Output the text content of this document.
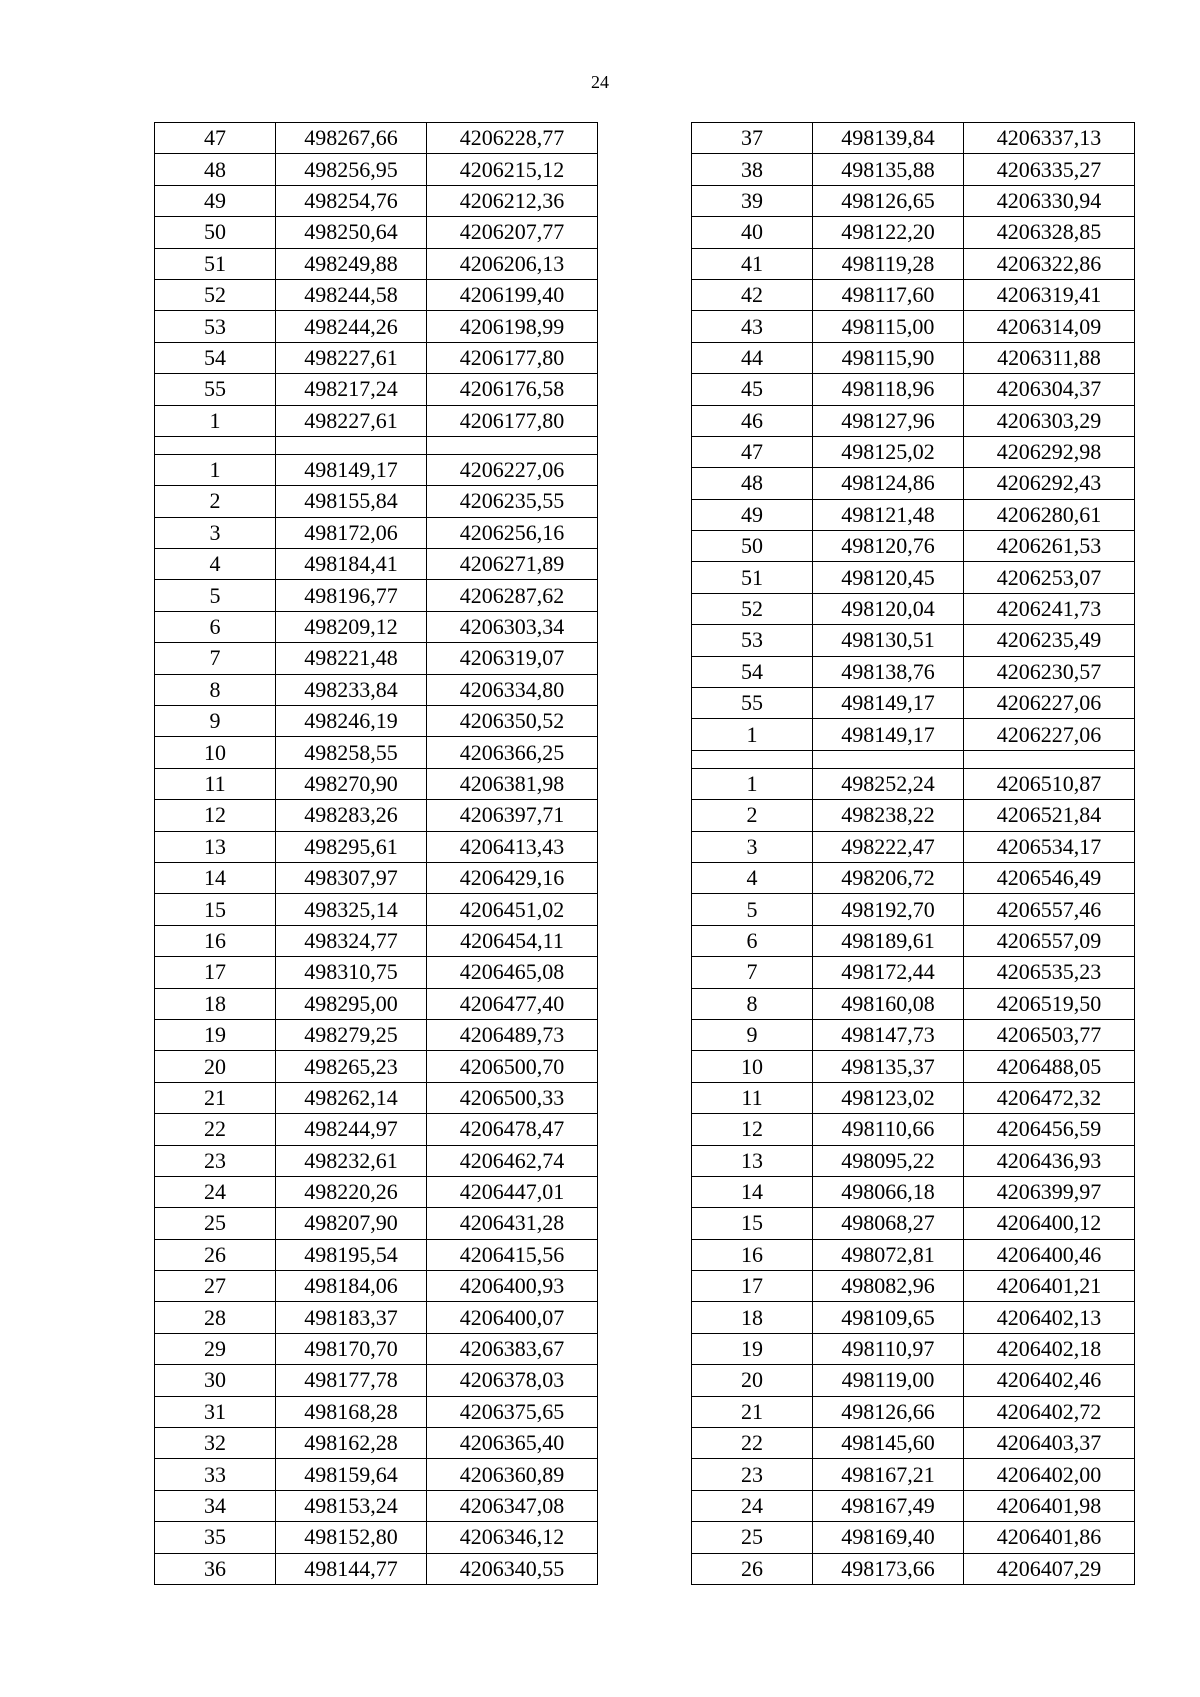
24
47	498267,66	4206228,77
48	498256,95	4206215,12
49	498254,76	4206212,36
50	498250,64	4206207,77
51	498249,88	4206206,13
52	498244,58	4206199,40
53	498244,26	4206198,99
54	498227,61	4206177,80
55	498217,24	4206176,58
1	498227,61	4206177,80

1	498149,17	4206227,06
2	498155,84	4206235,55
3	498172,06	4206256,16
4	498184,41	4206271,89
5	498196,77	4206287,62
6	498209,12	4206303,34
7	498221,48	4206319,07
8	498233,84	4206334,80
9	498246,19	4206350,52
10	498258,55	4206366,25
11	498270,90	4206381,98
12	498283,26	4206397,71
13	498295,61	4206413,43
14	498307,97	4206429,16
15	498325,14	4206451,02
16	498324,77	4206454,11
17	498310,75	4206465,08
18	498295,00	4206477,40
19	498279,25	4206489,73
20	498265,23	4206500,70
21	498262,14	4206500,33
22	498244,97	4206478,47
23	498232,61	4206462,74
24	498220,26	4206447,01
25	498207,90	4206431,28
26	498195,54	4206415,56
27	498184,06	4206400,93
28	498183,37	4206400,07
29	498170,70	4206383,67
30	498177,78	4206378,03
31	498168,28	4206375,65
32	498162,28	4206365,40
33	498159,64	4206360,89
34	498153,24	4206347,08
35	498152,80	4206346,12
36	498144,77	4206340,55
37	498139,84	4206337,13
38	498135,88	4206335,27
39	498126,65	4206330,94
40	498122,20	4206328,85
41	498119,28	4206322,86
42	498117,60	4206319,41
43	498115,00	4206314,09
44	498115,90	4206311,88
45	498118,96	4206304,37
46	498127,96	4206303,29
47	498125,02	4206292,98
48	498124,86	4206292,43
49	498121,48	4206280,61
50	498120,76	4206261,53
51	498120,45	4206253,07
52	498120,04	4206241,73
53	498130,51	4206235,49
54	498138,76	4206230,57
55	498149,17	4206227,06
1	498149,17	4206227,06

1	498252,24	4206510,87
2	498238,22	4206521,84
3	498222,47	4206534,17
4	498206,72	4206546,49
5	498192,70	4206557,46
6	498189,61	4206557,09
7	498172,44	4206535,23
8	498160,08	4206519,50
9	498147,73	4206503,77
10	498135,37	4206488,05
11	498123,02	4206472,32
12	498110,66	4206456,59
13	498095,22	4206436,93
14	498066,18	4206399,97
15	498068,27	4206400,12
16	498072,81	4206400,46
17	498082,96	4206401,21
18	498109,65	4206402,13
19	498110,97	4206402,18
20	498119,00	4206402,46
21	498126,66	4206402,72
22	498145,60	4206403,37
23	498167,21	4206402,00
24	498167,49	4206401,98
25	498169,40	4206401,86
26	498173,66	4206407,29
